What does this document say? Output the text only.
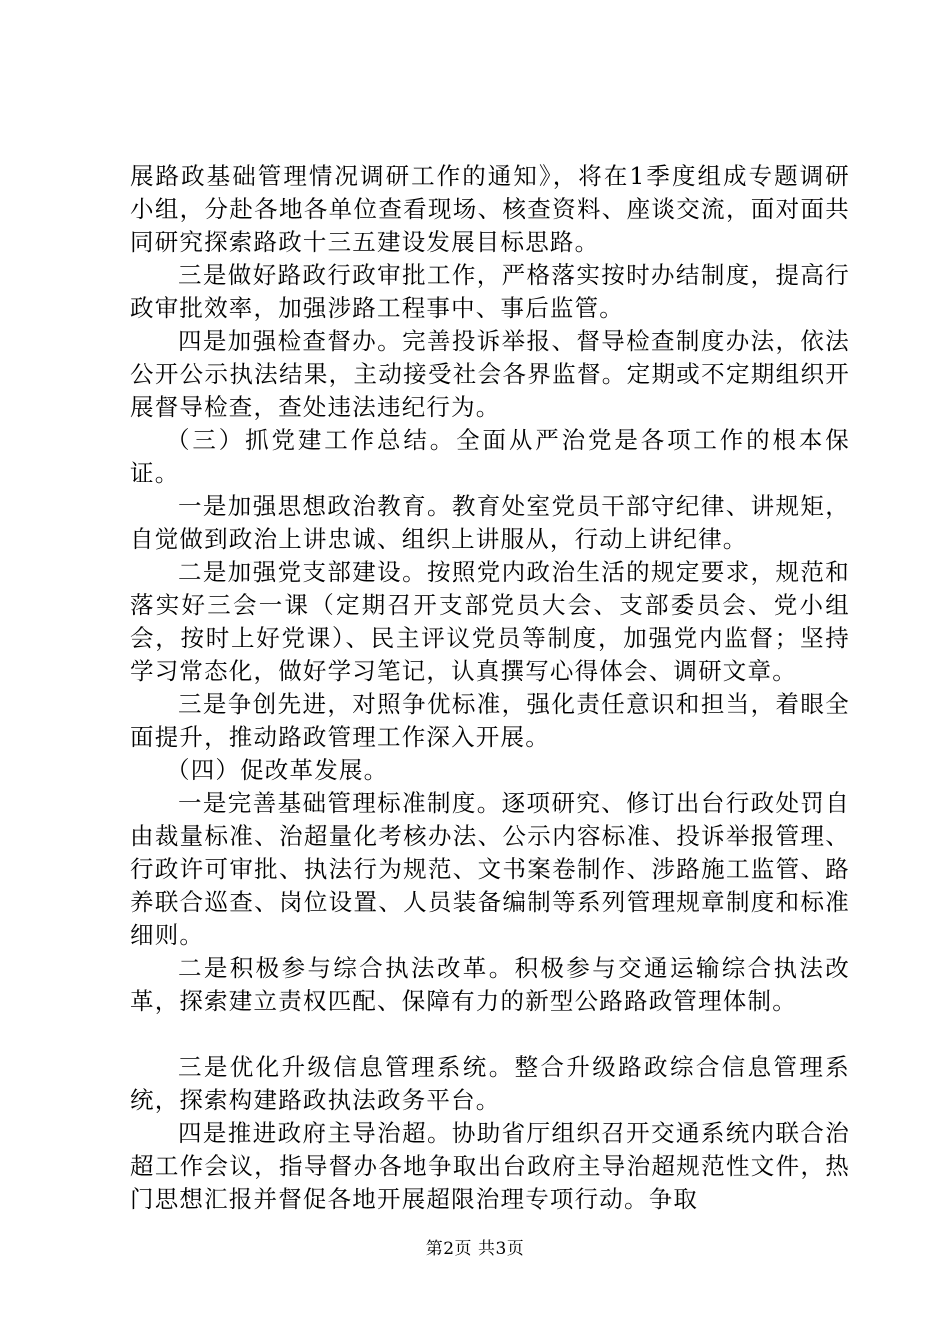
展路政基础管理情况调研工作的通知》，将在1季度组成专题调研小组，分赴各地各单位查看现场、核查资料、座谈交流，面对面共同研究探索路政十三五建设发展目标思路。

三是做好路政行政审批工作，严格落实按时办结制度，提高行政审批效率，加强涉路工程事中、事后监管。

四是加强检查督办。完善投诉举报、督导检查制度办法，依法公开公示执法结果，主动接受社会各界监督。定期或不定期组织开展督导检查，查处违法违纪行为。

（三）抓党建工作总结。全面从严治党是各项工作的根本保证。

一是加强思想政治教育。教育处室党员干部守纪律、讲规矩，自觉做到政治上讲忠诚、组织上讲服从，行动上讲纪律。

二是加强党支部建设。按照党内政治生活的规定要求，规范和落实好三会一课（定期召开支部党员大会、支部委员会、党小组会，按时上好党课）、民主评议党员等制度，加强党内监督；坚持学习常态化，做好学习笔记，认真撰写心得体会、调研文章。

三是争创先进，对照争优标准，强化责任意识和担当，着眼全面提升，推动路政管理工作深入开展。

（四）促改革发展。

一是完善基础管理标准制度。逐项研究、修订出台行政处罚自由裁量标准、治超量化考核办法、公示内容标准、投诉举报管理、行政许可审批、执法行为规范、文书案卷制作、涉路施工监管、路养联合巡查、岗位设置、人员装备编制等系列管理规章制度和标准细则。

二是积极参与综合执法改革。积极参与交通运输综合执法改革，探索建立责权匹配、保障有力的新型公路路政管理体制。

三是优化升级信息管理系统。整合升级路政综合信息管理系统，探索构建路政执法政务平台。

四是推进政府主导治超。协助省厅组织召开交通系统内联合治超工作会议，指导督办各地争取出台政府主导治超规范性文件，热门思想汇报并督促各地开展超限治理专项行动。争取

第2页 共3页
